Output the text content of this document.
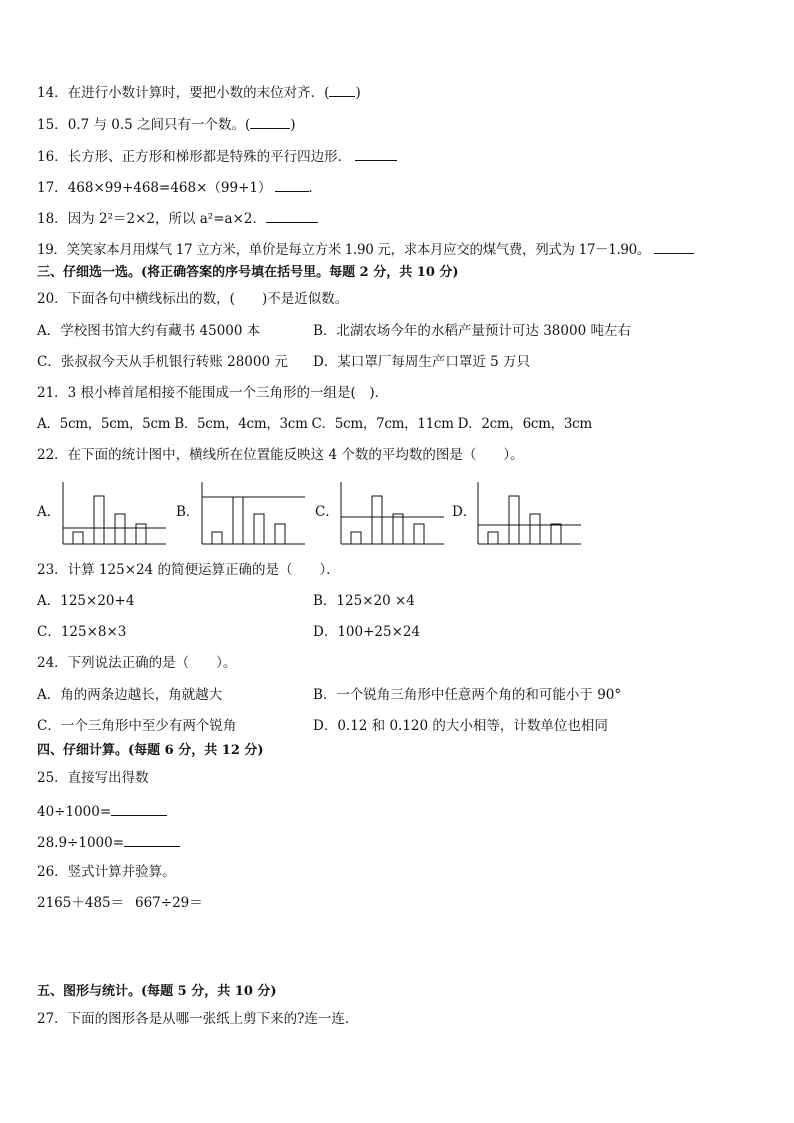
14．在进行小数计算时，要把小数的末位对齐．( )
15．0.7 与 0.5 之间只有一个数。(	)
16．长方形、正方形和梯形都是特殊的平行四边形．
17．468×99+468=468×（99+1）	．
18．因为 2²＝2×2，所以 a²=a×2．
19．笑笑家本月用煤气 17 立方米，单价是每立方米 1.90 元，求本月应交的煤气费，列式为 17－1.90。
三、仔细选一选。(将正确答案的序号填在括号里。每题 2 分，共 10 分)
20．下面各句中横线标出的数，(　　)不是近似数。
A．学校图书馆大约有藏书 45000 本	B．北湖农场今年的水稻产量预计可达 38000 吨左右
C．张叔叔今天从手机银行转账 28000 元 D．某口罩厂每周生产口罩近 5 万只
21．3 根小棒首尾相接不能围成一个三角形的一组是(　)．
A．5cm，5cm，5cm B．5cm，4cm，3cm C．5cm，7cm，11cm D．2cm，6cm，3cm
22．在下面的统计图中，横线所在位置能反映这 4 个数的平均数的图是（　　）。
A．	B．	C．	D．
23．计算 125×24 的简便运算正确的是（　　）．
A．125×20+4	B．125×20 ×4
C．125×8×3	D．100+25×24
24．下列说法正确的是（　　）。
A．角的两条边越长，角就越大	B．一个锐角三角形中任意两个角的和可能小于 90°
C．一个三角形中至少有两个锐角	D．0.12 和 0.120 的大小相等，计数单位也相同
四、仔细计算。(每题 6 分，共 12 分)
25．直接写出得数
40÷1000=
28.9÷1000=
26．竖式计算并验算。
2165＋485＝ 667÷29＝
五、图形与统计。(每题 5 分，共 10 分)
27．下面的图形各是从哪一张纸上剪下来的?连一连．
